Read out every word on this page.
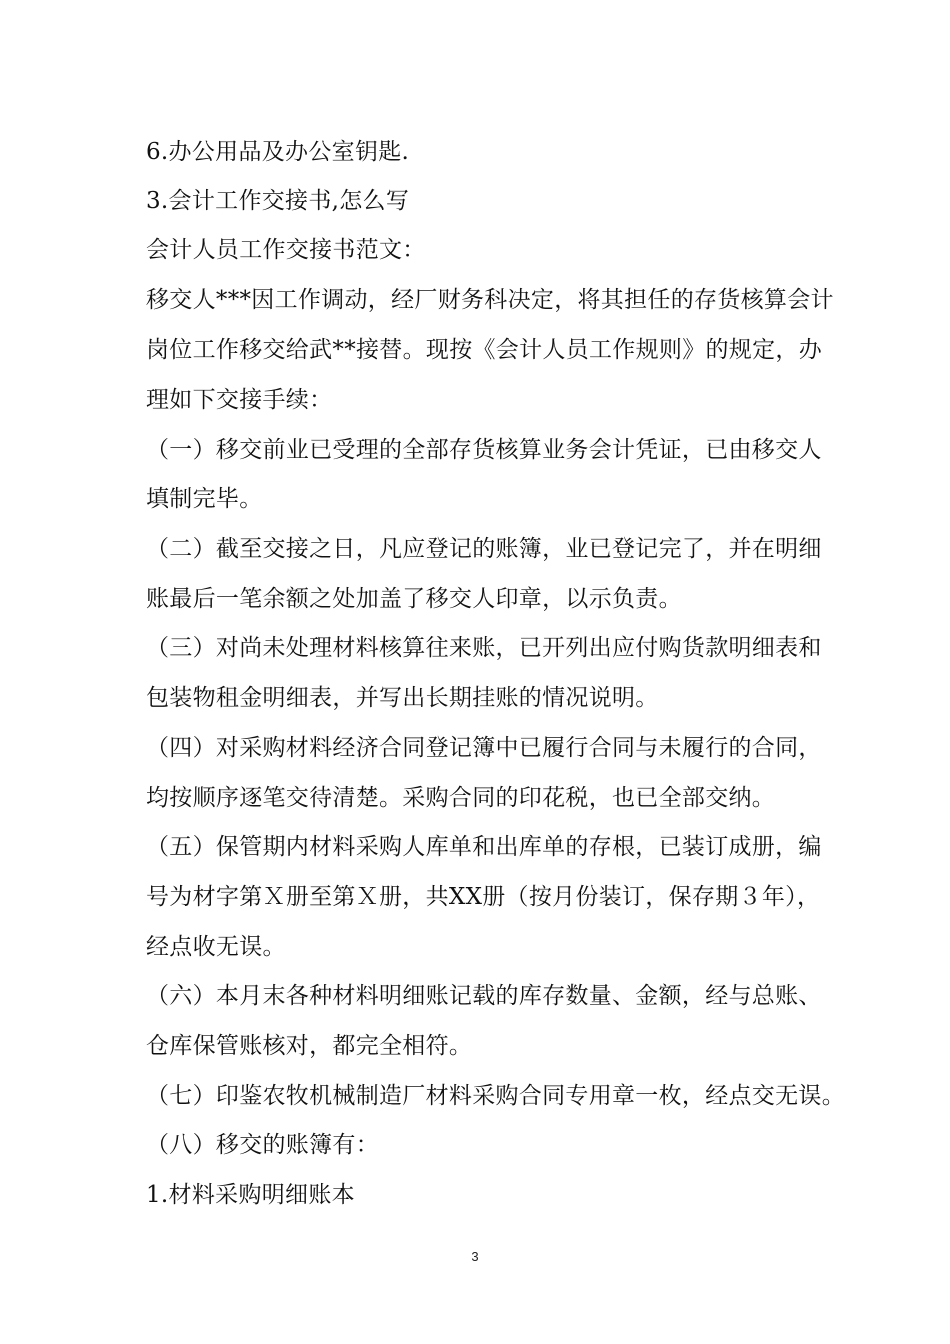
6.办公用品及办公室钥匙.
3.会计工作交接书,怎么写
会计人员工作交接书范文：
移交人***因工作调动，经厂财务科决定，将其担任的存货核算会计
岗位工作移交给武**接替。现按《会计人员工作规则》的规定，办
理如下交接手续：
（一）移交前业已受理的全部存货核算业务会计凭证，已由移交人
填制完毕。
（二）截至交接之日，凡应登记的账簿，业已登记完了，并在明细
账最后一笔余额之处加盖了移交人印章，以示负责。
（三）对尚未处理材料核算往来账，已开列出应付购货款明细表和
包装物租金明细表，并写出长期挂账的情况说明。
（四）对采购材料经济合同登记簿中已履行合同与未履行的合同，
均按顺序逐笔交待清楚。采购合同的印花税，也已全部交纳。
（五）保管期内材料采购人库单和出库单的存根，已装订成册，编
号为材字第Ｘ册至第Ｘ册，共XX册（按月份装订，保存期３年），
经点收无误。
（六）本月末各种材料明细账记载的库存数量、金额，经与总账、
仓库保管账核对，都完全相符。
（七）印鉴农牧机械制造厂材料采购合同专用章一枚，经点交无误。
（八）移交的账簿有：
1.材料采购明细账本
3
